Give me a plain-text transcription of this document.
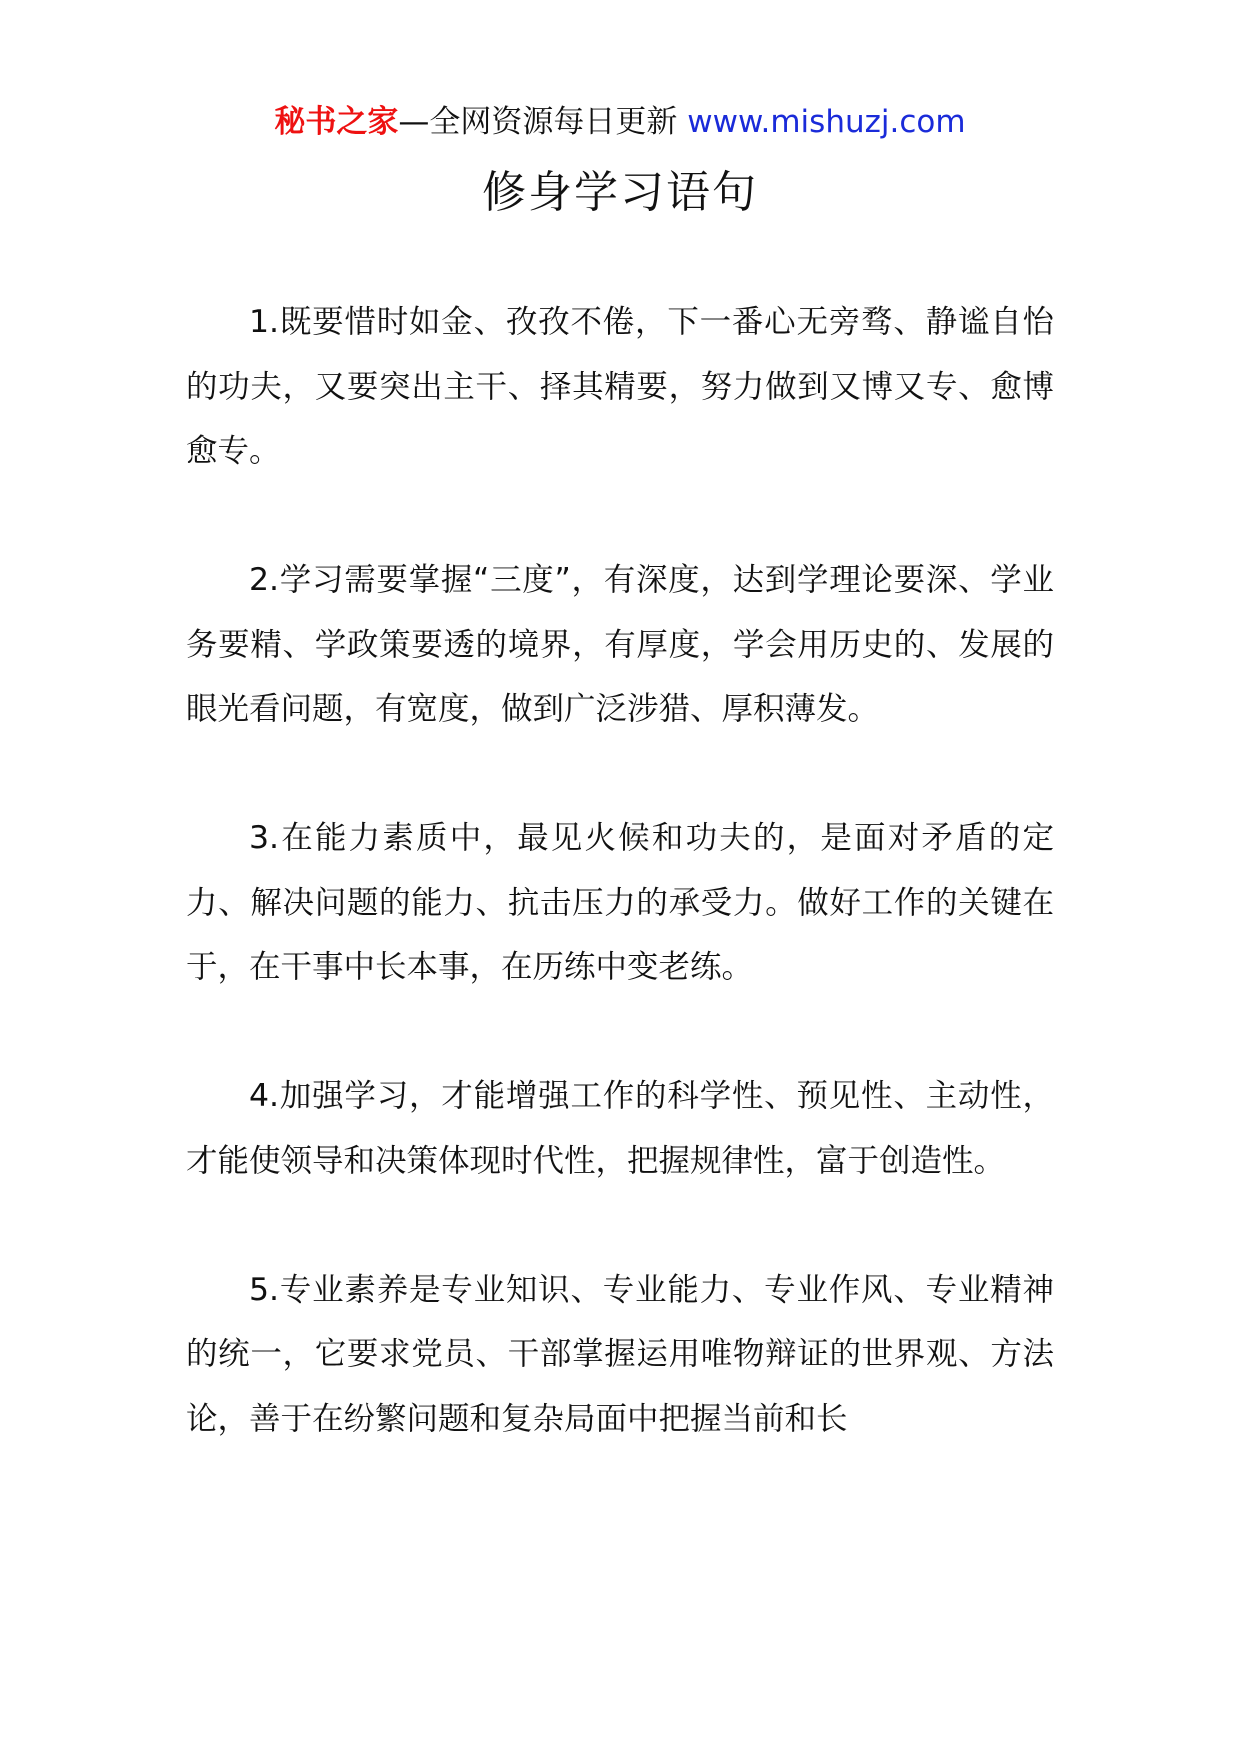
秘书之家—全网资源每日更新 www.mishuzj.com
修身学习语句

1.既要惜时如金、孜孜不倦，下一番心无旁骛、静谧自怡的功夫，又要突出主干、择其精要，努力做到又博又专、愈博愈专。

2.学习需要掌握“三度”，有深度，达到学理论要深、学业务要精、学政策要透的境界，有厚度，学会用历史的、发展的眼光看问题，有宽度，做到广泛涉猎、厚积薄发。

3.在能力素质中，最见火候和功夫的，是面对矛盾的定力、解决问题的能力、抗击压力的承受力。做好工作的关键在于，在干事中长本事，在历练中变老练。

4.加强学习，才能增强工作的科学性、预见性、主动性，才能使领导和决策体现时代性，把握规律性，富于创造性。

5.专业素养是专业知识、专业能力、专业作风、专业精神的统一，它要求党员、干部掌握运用唯物辩证的世界观、方法论，善于在纷繁问题和复杂局面中把握当前和长
